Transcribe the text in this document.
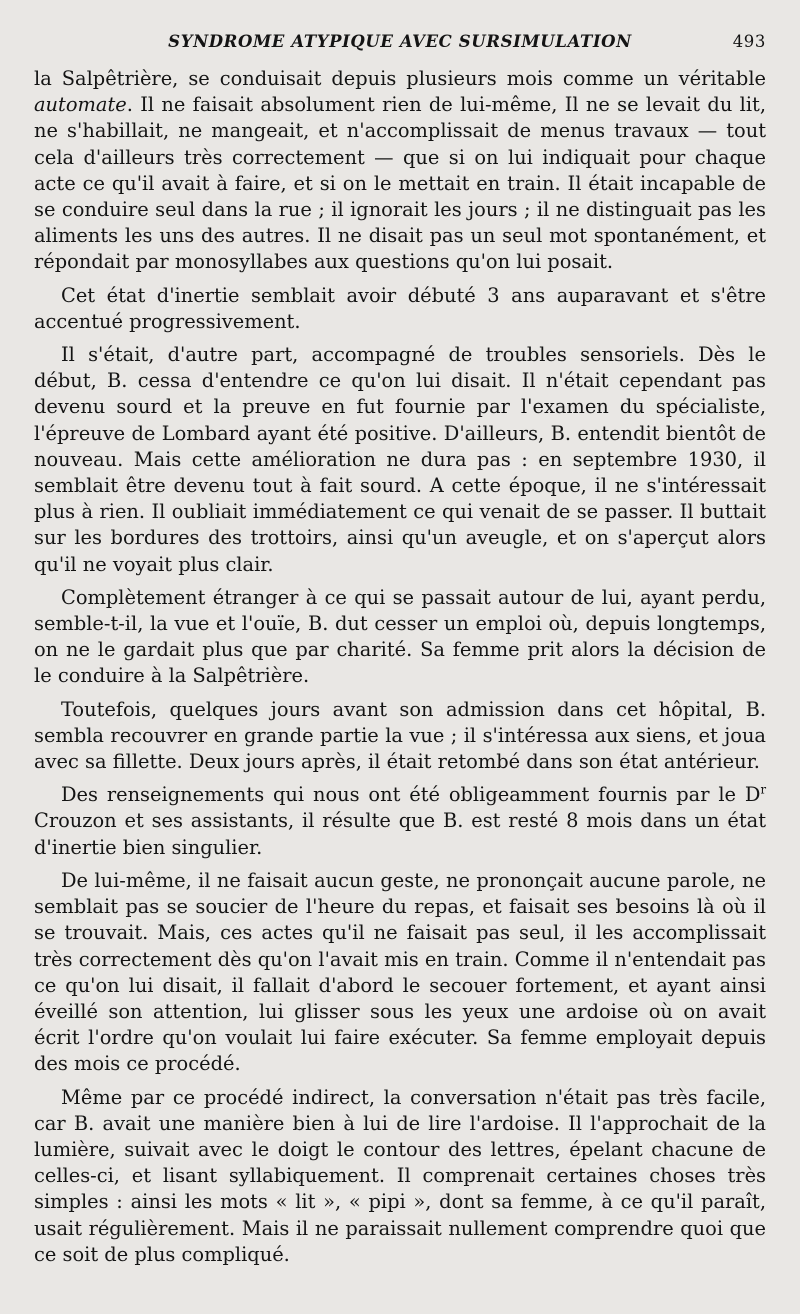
SYNDROME ATYPIQUE AVEC SURSIMULATION	493

la Salpêtrière, se conduisait depuis plusieurs mois comme un véritable automate. Il ne faisait absolument rien de lui-même, Il ne se levait du lit, ne s'habillait, ne mangeait, et n'accomplissait de menus travaux — tout cela d'ailleurs très correctement — que si on lui indiquait pour chaque acte ce qu'il avait à faire, et si on le mettait en train. Il était incapable de se conduire seul dans la rue ; il ignorait les jours ; il ne distinguait pas les aliments les uns des autres. Il ne disait pas un seul mot spontanément, et répondait par monosyllabes aux questions qu'on lui posait.

Cet état d'inertie semblait avoir débuté 3 ans auparavant et s'être accentué progressivement.

Il s'était, d'autre part, accompagné de troubles sensoriels. Dès le début, B. cessa d'entendre ce qu'on lui disait. Il n'était cependant pas devenu sourd et la preuve en fut fournie par l'examen du spécialiste, l'épreuve de Lombard ayant été positive. D'ailleurs, B. entendit bientôt de nouveau. Mais cette amélioration ne dura pas : en septembre 1930, il semblait être devenu tout à fait sourd. A cette époque, il ne s'intéressait plus à rien. Il oubliait immédiatement ce qui venait de se passer. Il buttait sur les bordures des trottoirs, ainsi qu'un aveugle, et on s'aperçut alors qu'il ne voyait plus clair.

Complètement étranger à ce qui se passait autour de lui, ayant perdu, semble-t-il, la vue et l'ouïe, B. dut cesser un emploi où, depuis longtemps, on ne le gardait plus que par charité. Sa femme prit alors la décision de le conduire à la Salpêtrière.

Toutefois, quelques jours avant son admission dans cet hôpital, B. sembla recouvrer en grande partie la vue ; il s'intéressa aux siens, et joua avec sa fillette. Deux jours après, il était retombé dans son état antérieur.

Des renseignements qui nous ont été obligeamment fournis par le $D^r$ Crouzon et ses assistants, il résulte que B. est resté 8 mois dans un état d'inertie bien singulier.

De lui-même, il ne faisait aucun geste, ne prononçait aucune parole, ne semblait pas se soucier de l'heure du repas, et faisait ses besoins là où il se trouvait. Mais, ces actes qu'il ne faisait pas seul, il les accomplissait très correctement dès qu'on l'avait mis en train. Comme il n'entendait pas ce qu'on lui disait, il fallait d'abord le secouer fortement, et ayant ainsi éveillé son attention, lui glisser sous les yeux une ardoise où on avait écrit l'ordre qu'on voulait lui faire exécuter. Sa femme employait depuis des mois ce procédé.

Même par ce procédé indirect, la conversation n'était pas très facile, car B. avait une manière bien à lui de lire l'ardoise. Il l'approchait de la lumière, suivait avec le doigt le contour des lettres, épelant chacune de celles-ci, et lisant syllabiquement. Il comprenait certaines choses très simples : ainsi les mots « lit », « pipi », dont sa femme, à ce qu'il paraît, usait régulièrement. Mais il ne paraissait nullement comprendre quoi que ce soit de plus compliqué.
